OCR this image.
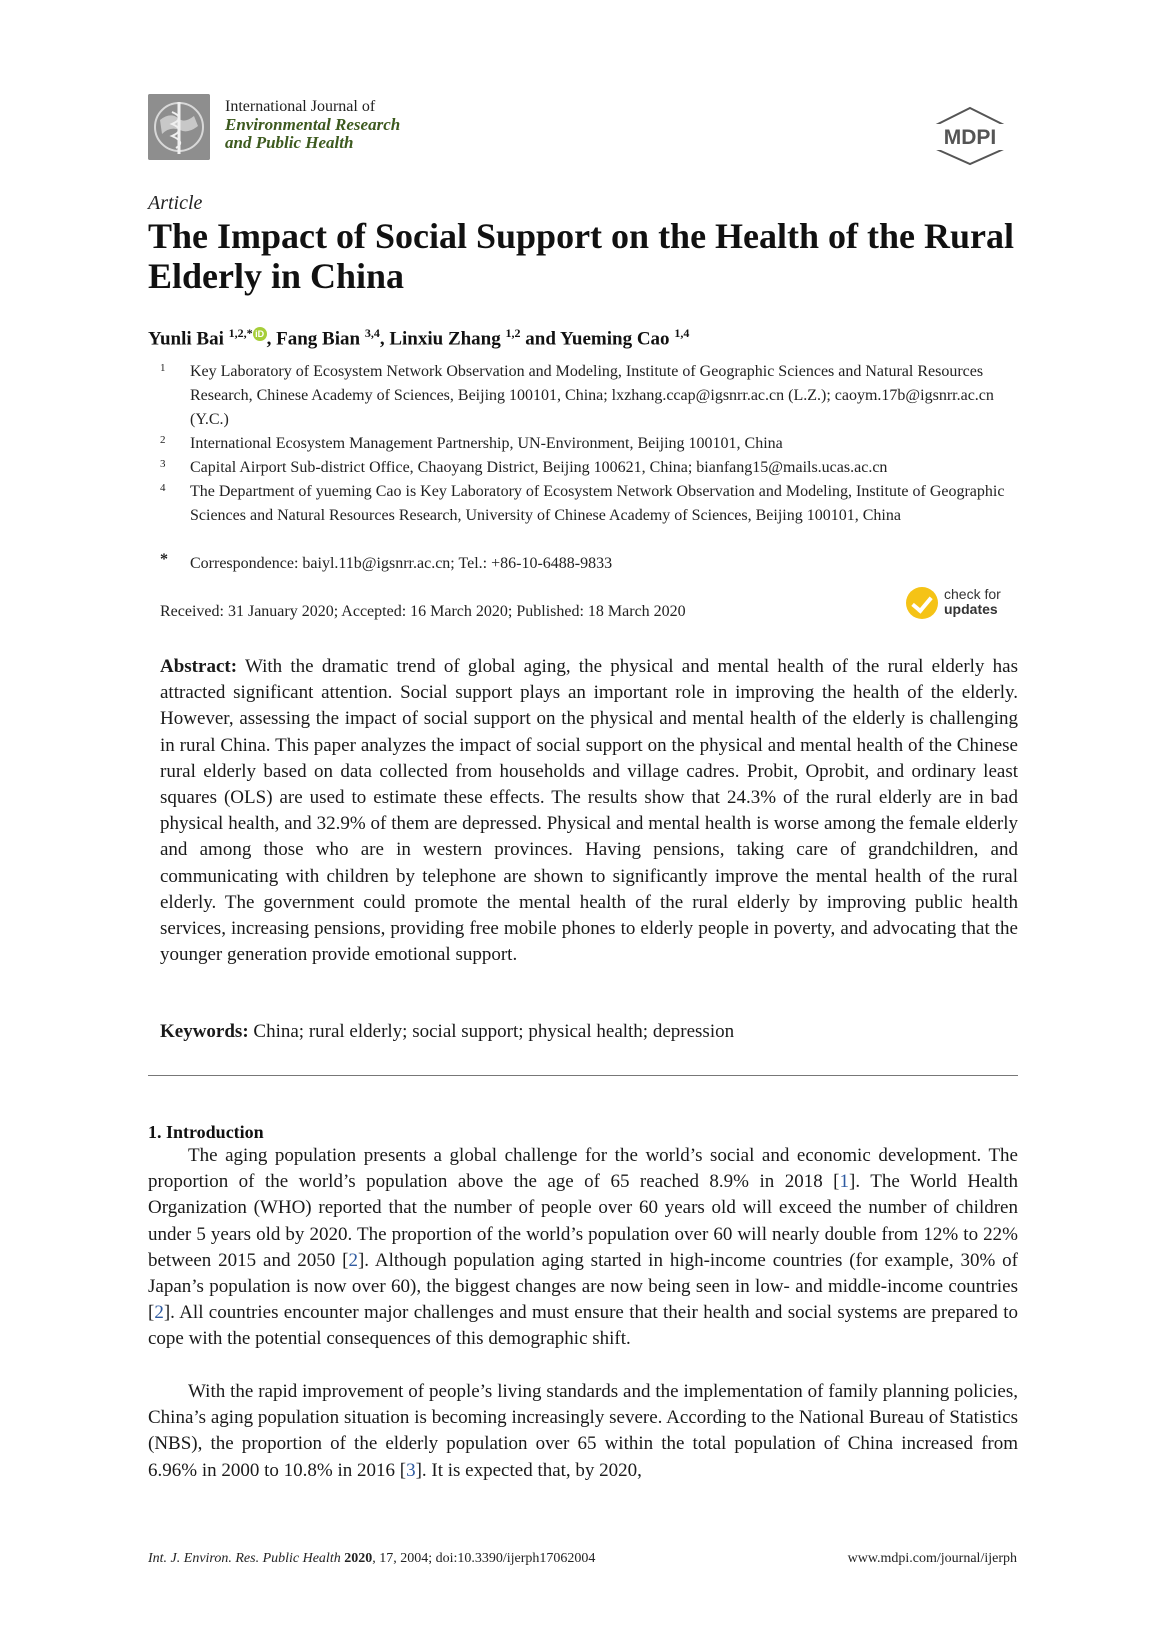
International Journal of
Environmental Research
and Public Health	MDPI
Article
The Impact of Social Support on the Health of the Rural Elderly in China
Yunli Bai $^{1,2,*}$ iD , Fang Bian $^{3,4}$, Linxiu Zhang $^{1,2}$ and Yueming Cao $^{1,4}$
1 Key Laboratory of Ecosystem Network Observation and Modeling, Institute of Geographic Sciences and Natural Resources Research, Chinese Academy of Sciences, Beijing 100101, China; lxzhang.ccap@igsnrr.ac.cn (L.Z.); caoym.17b@igsnrr.ac.cn (Y.C.)
2 International Ecosystem Management Partnership, UN-Environment, Beijing 100101, China
3 Capital Airport Sub-district Office, Chaoyang District, Beijing 100621, China; bianfang15@mails.ucas.ac.cn
4 The Department of yueming Cao is Key Laboratory of Ecosystem Network Observation and Modeling, Institute of Geographic Sciences and Natural Resources Research, University of Chinese Academy of Sciences, Beijing 100101, China
* Correspondence: baiyl.11b@igsnrr.ac.cn; Tel.: +86-10-6488-9833
Received: 31 January 2020; Accepted: 16 March 2020; Published: 18 March 2020
check for
updates

Abstract: With the dramatic trend of global aging, the physical and mental health of the rural elderly has attracted significant attention. Social support plays an important role in improving the health of the elderly. However, assessing the impact of social support on the physical and mental health of the elderly is challenging in rural China. This paper analyzes the impact of social support on the physical and mental health of the Chinese rural elderly based on data collected from households and village cadres. Probit, Oprobit, and ordinary least squares (OLS) are used to estimate these effects. The results show that 24.3% of the rural elderly are in bad physical health, and 32.9% of them are depressed. Physical and mental health is worse among the female elderly and among those who are in western provinces. Having pensions, taking care of grandchildren, and communicating with children by telephone are shown to significantly improve the mental health of the rural elderly. The government could promote the mental health of the rural elderly by improving public health services, increasing pensions, providing free mobile phones to elderly people in poverty, and advocating that the younger generation provide emotional support.

Keywords: China; rural elderly; social support; physical health; depression
1. Introduction

The aging population presents a global challenge for the world’s social and economic development. The proportion of the world’s population above the age of 65 reached 8.9% in 2018 [1]. The World Health Organization (WHO) reported that the number of people over 60 years old will exceed the number of children under 5 years old by 2020. The proportion of the world’s population over 60 will nearly double from 12% to 22% between 2015 and 2050 [2]. Although population aging started in high-income countries (for example, 30% of Japan’s population is now over 60), the biggest changes are now being seen in low- and middle-income countries [2]. All countries encounter major challenges and must ensure that their health and social systems are prepared to cope with the potential consequences of this demographic shift.

With the rapid improvement of people’s living standards and the implementation of family planning policies, China’s aging population situation is becoming increasingly severe. According to the National Bureau of Statistics (NBS), the proportion of the elderly population over 65 within the total population of China increased from 6.96% in 2000 to 10.8% in 2016 [3]. It is expected that, by 2020,

Int. J. Environ. Res. Public Health 2020, 17, 2004; doi:10.3390/ijerph17062004	www.mdpi.com/journal/ijerph
